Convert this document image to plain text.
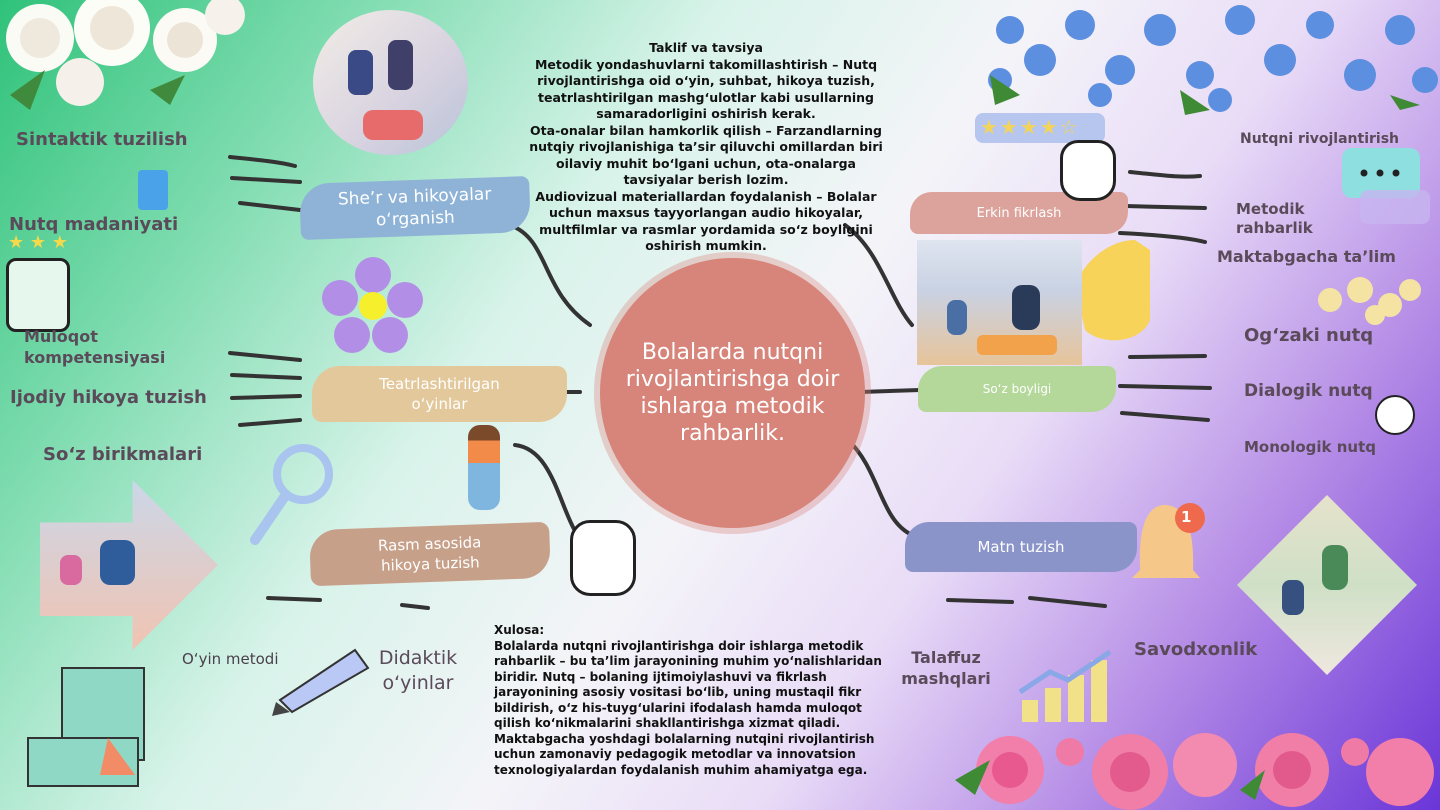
Taklif va tavsiya
Metodik yondashuvlarni takomillashtirish – Nutq rivojlantirishga oid o‘yin, suhbat, hikoya tuzish, teatrlashtirilgan mashg‘ulotlar kabi usullarning samaradorligini oshirish kerak.
Ota-onalar bilan hamkorlik qilish – Farzandlarning nutqiy rivojlanishiga ta’sir qiluvchi omillardan biri oilaviy muhit bo‘lgani uchun, ota-onalarga tavsiyalar berish lozim.
Audiovizual materiallardan foydalanish – Bolalar uchun maxsus tayyorlangan audio hikoyalar, multfilmlar va rasmlar yordamida so‘z boyligini oshirish mumkin.
Bolalarda nutqni rivojlantirishga doir ishlarga metodik rahbarlik.
Sintaktik tuzilish
Nutq madaniyati
★ ★ ★
Muloqot kompetensiyasi
Ijodiy hikoya tuzish
So‘z birikmalari
O‘yin metodi	Didaktik o‘yinlar
She’r va hikoyalar o‘rganish
Teatrlashtirilgan o‘yinlar
Rasm asosida hikoya tuzish
Erkin fikrlash
So‘z boyligi
Matn tuzish
Nutqni rivojlantirish
Metodik rahbarlik
Maktabgacha ta’lim
Og‘zaki nutq
Dialogik nutq
Monologik nutq
Talaffuz mashqlari
Savodxonlik
★★★★☆
1
Xulosa:
Bolalarda nutqni rivojlantirishga doir ishlarga metodik rahbarlik – bu ta’lim jarayonining muhim yo‘nalishlaridan biridir. Nutq – bolaning ijtimoiylashuvi va fikrlash jarayonining asosiy vositasi bo‘lib, uning mustaqil fikr bildirish, o‘z his-tuyg‘ularini ifodalash hamda muloqot qilish ko‘nikmalarini shakllantirishga xizmat qiladi. Maktabgacha yoshdagi bolalarning nutqini rivojlantirish uchun zamonaviy pedagogik metodlar va innovatsion texnologiyalardan foydalanish muhim ahamiyatga ega.
